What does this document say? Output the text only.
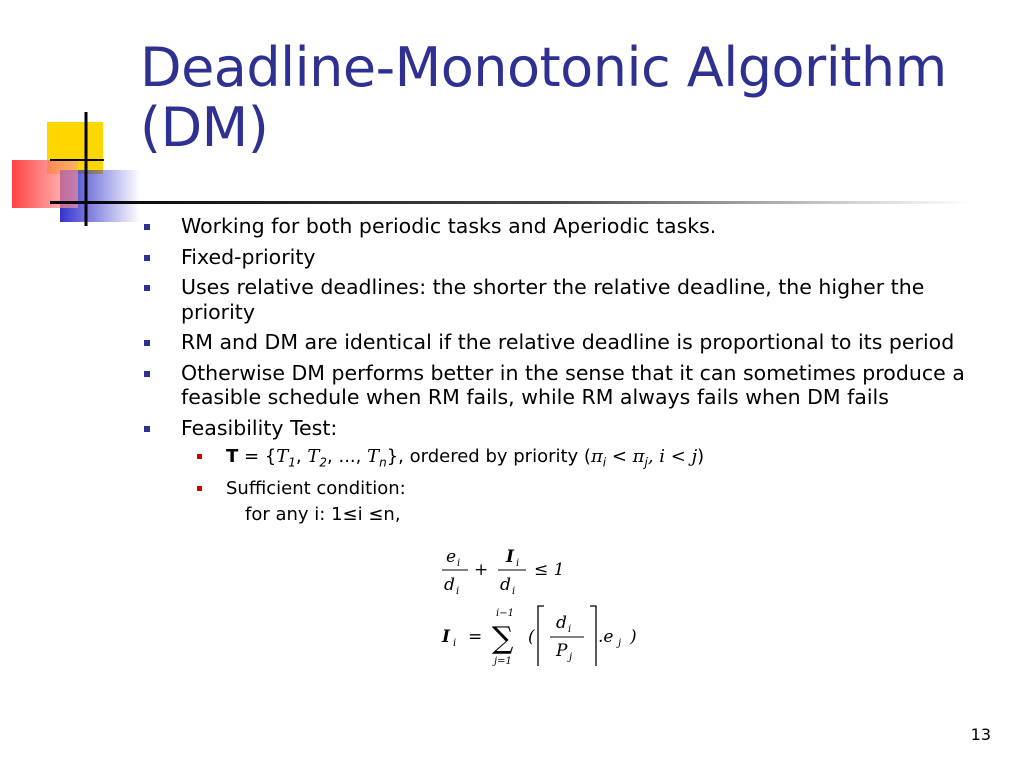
Deadline-Monotonic Algorithm
(DM)
Working for both periodic tasks and Aperiodic tasks.
Fixed-priority
Uses relative deadlines: the shorter the relative deadline, the higher the priority
RM and DM are identical if the relative deadline is proportional to its period
Otherwise DM performs better in the sense that it can sometimes produce a feasible schedule when RM fails, while RM always fails when DM fails
Feasibility Test:
$T = \{T_1$, $T_2$, ..., $T_n$}, ordered by priority ($\pi_i < \pi_j$, i < j)
Sufficient condition:
for any i: 1≤i ≤n,
e i
d i
+
I i
d i
≤ 1
I i = ∑
i−1
j=1
(
d i
P j
.e j )
13
